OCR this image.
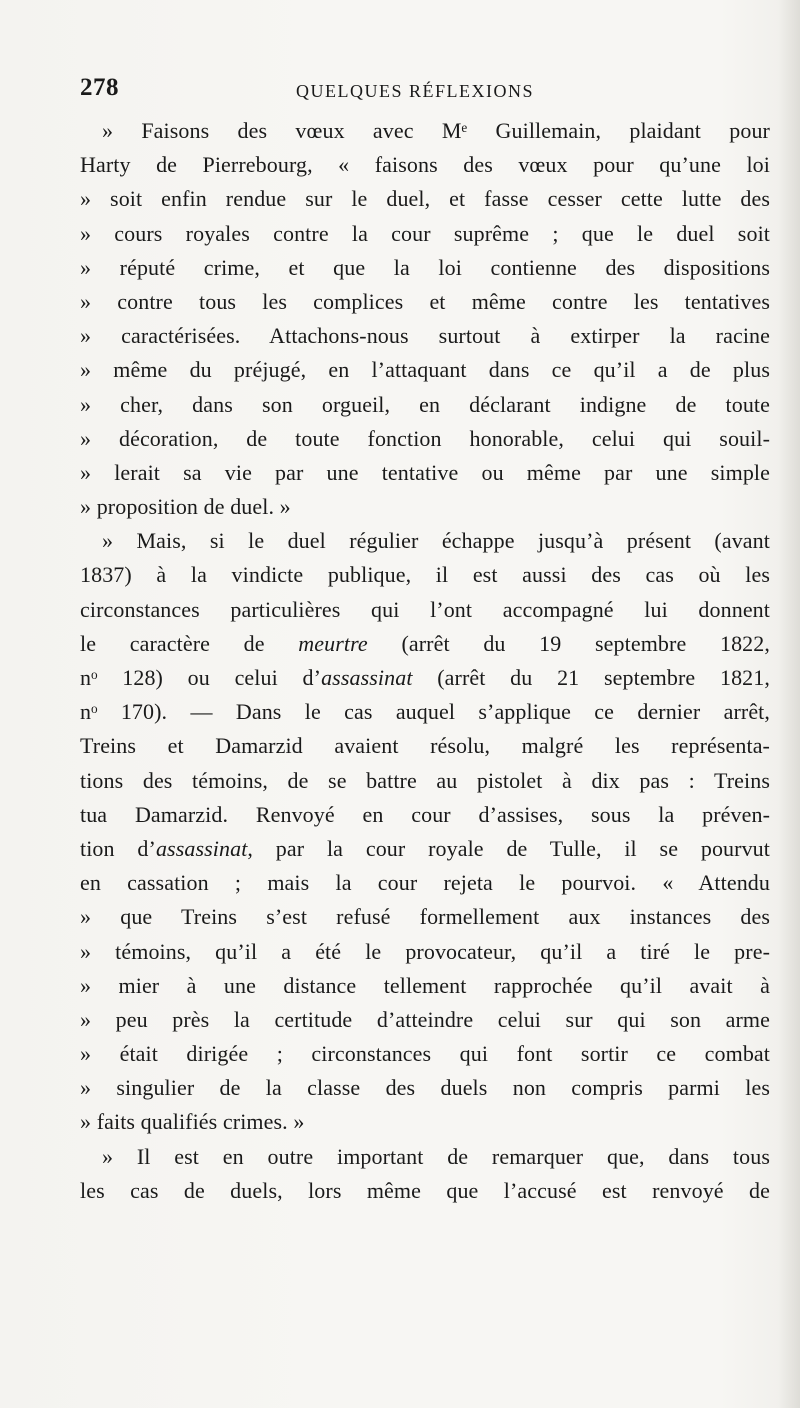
278	QUELQUES RÉFLEXIONS
» Faisons des vœux avec Mᵉ Guillemain, plaidant pour
Harty de Pierrebourg, « faisons des vœux pour qu’une loi
» soit enfin rendue sur le duel, et fasse cesser cette lutte des
» cours royales contre la cour suprême ; que le duel soit
» réputé crime, et que la loi contienne des dispositions
» contre tous les complices et même contre les tentatives
» caractérisées. Attachons-nous surtout à extirper la racine
» même du préjugé, en l’attaquant dans ce qu’il a de plus
» cher, dans son orgueil, en déclarant indigne de toute
» décoration, de toute fonction honorable, celui qui souil-
» lerait sa vie par une tentative ou même par une simple
» proposition de duel. »
» Mais, si le duel régulier échappe jusqu’à présent (avant
1837) à la vindicte publique, il est aussi des cas où les
circonstances particulières qui l’ont accompagné lui donnent
le caractère de meurtre (arrêt du 19 septembre 1822,
nᵒ 128) ou celui d’assassinat (arrêt du 21 septembre 1821,
nᵒ 170). — Dans le cas auquel s’applique ce dernier arrêt,
Treins et Damarzid avaient résolu, malgré les représenta-
tions des témoins, de se battre au pistolet à dix pas : Treins
tua Damarzid. Renvoyé en cour d’assises, sous la préven-
tion d’assassinat, par la cour royale de Tulle, il se pourvut
en cassation ; mais la cour rejeta le pourvoi. « Attendu
» que Treins s’est refusé formellement aux instances des
» témoins, qu’il a été le provocateur, qu’il a tiré le pre-
» mier à une distance tellement rapprochée qu’il avait à
» peu près la certitude d’atteindre celui sur qui son arme
» était dirigée ; circonstances qui font sortir ce combat
» singulier de la classe des duels non compris parmi les
» faits qualifiés crimes. »
» Il est en outre important de remarquer que, dans tous
les cas de duels, lors même que l’accusé est renvoyé de
